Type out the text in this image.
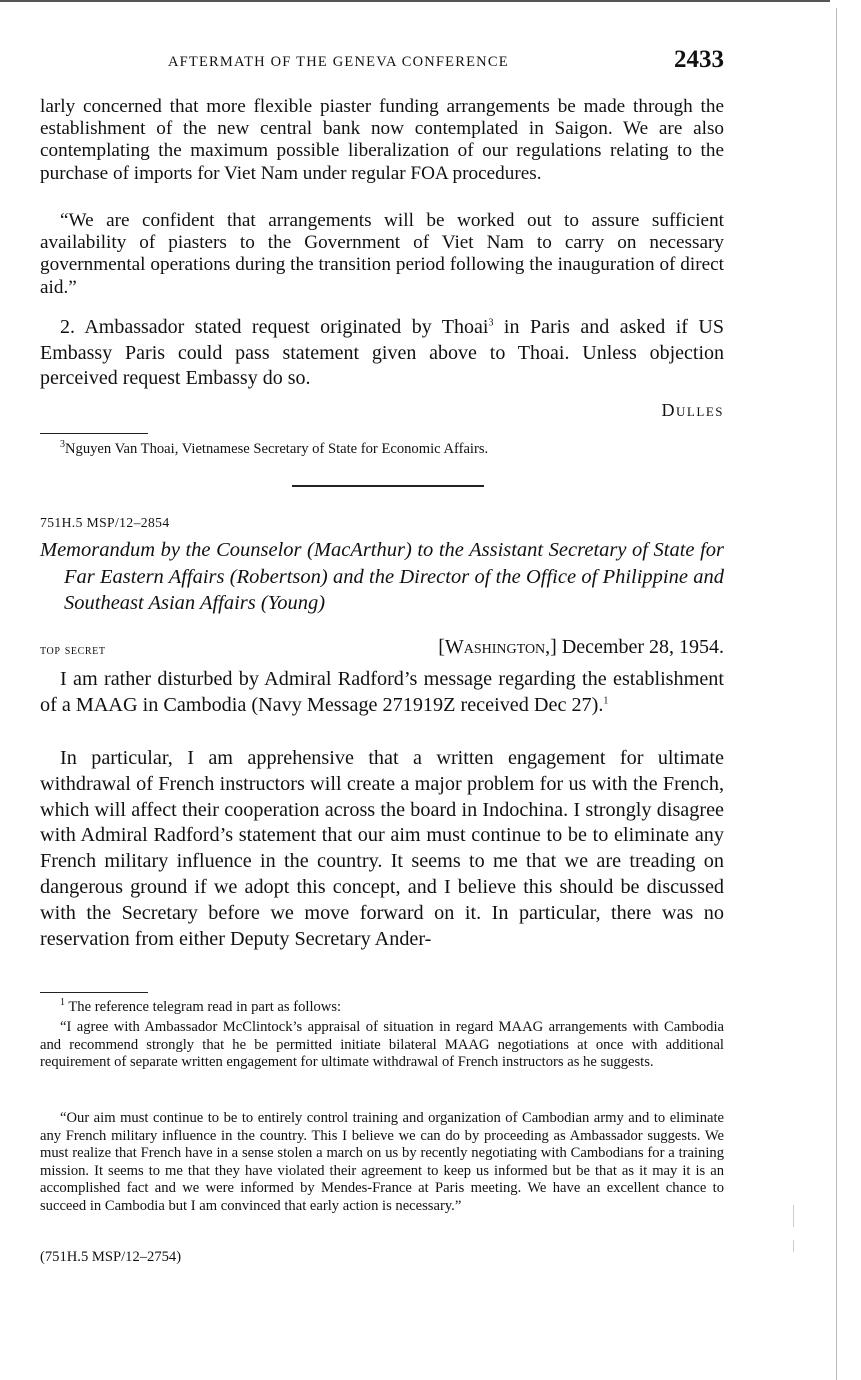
AFTERMATH OF THE GENEVA CONFERENCE	2433

larly concerned that more flexible piaster funding arrangements be made through the establishment of the new central bank now contemplated in Saigon. We are also contemplating the maximum possible liberalization of our regulations relating to the purchase of imports for Viet Nam under regular FOA procedures.

“We are confident that arrangements will be worked out to assure sufficient availability of piasters to the Government of Viet Nam to carry on necessary governmental operations during the transition period following the inauguration of direct aid.”

2. Ambassador stated request originated by Thoai$^3$ in Paris and asked if US Embassy Paris could pass statement given above to Thoai. Unless objection perceived request Embassy do so.

Dulles

$^3$Nguyen Van Thoai, Vietnamese Secretary of State for Economic Affairs.

751H.5 MSP/12–2854
Memorandum by the Counselor (MacArthur) to the Assistant Secretary of State for Far Eastern Affairs (Robertson) and the Director of the Office of Philippine and Southeast Asian Affairs (Young)
top secret	[Washington,] December 28, 1954.

I am rather disturbed by Admiral Radford’s message regarding the establishment of a MAAG in Cambodia (Navy Message 271919Z received Dec 27).$^1$

In particular, I am apprehensive that a written engagement for ultimate withdrawal of French instructors will create a major problem for us with the French, which will affect their cooperation across the board in Indochina. I strongly disagree with Admiral Radford’s statement that our aim must continue to be to eliminate any French military influence in the country. It seems to me that we are treading on dangerous ground if we adopt this concept, and I believe this should be discussed with the Secretary before we move forward on it. In particular, there was no reservation from either Deputy Secretary Ander-

$^1$ The reference telegram read in part as follows:

“I agree with Ambassador McClintock’s appraisal of situation in regard MAAG arrangements with Cambodia and recommend strongly that he be permitted initiate bilateral MAAG negotiations at once with additional requirement of separate written engagement for ultimate withdrawal of French instructors as he suggests.

“Our aim must continue to be to entirely control training and organization of Cambodian army and to eliminate any French military influence in the country. This I believe we can do by proceeding as Ambassador suggests. We must realize that French have in a sense stolen a march on us by recently negotiating with Cambodians for a training mission. It seems to me that they have violated their agreement to keep us informed but be that as it may it is an accomplished fact and we were informed by Mendes-France at Paris meeting. We have an excellent chance to succeed in Cambodia but I am convinced that early action is necessary.”

(751H.5 MSP/12–2754)
